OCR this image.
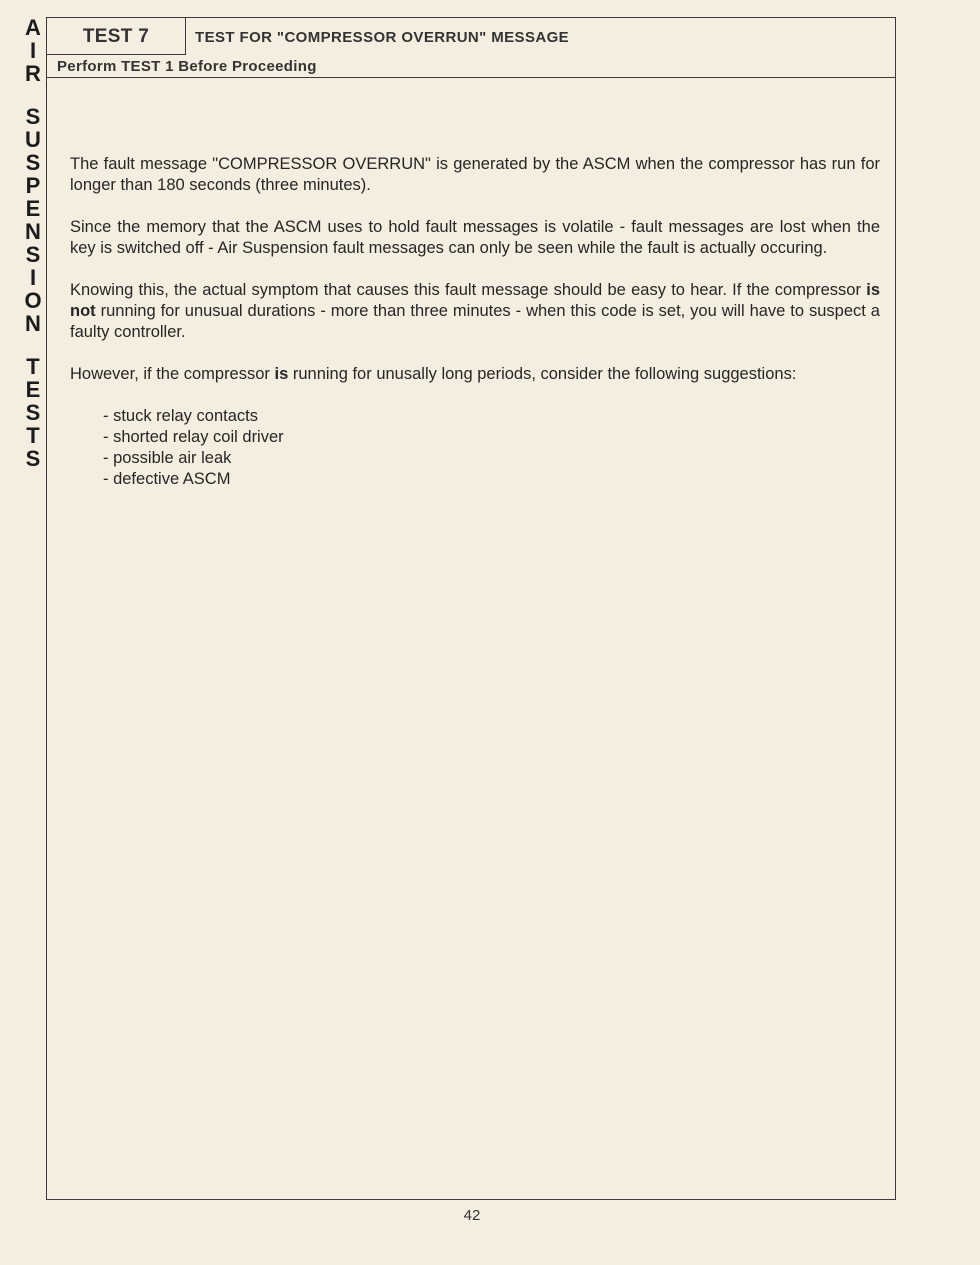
A
I
R
S
U
S
P
E
N
S
I
O
N
T
E
S
T
S
TEST 7	TEST FOR "COMPRESSOR OVERRUN" MESSAGE
Perform TEST 1 Before Proceeding

The fault message "COMPRESSOR OVERRUN" is generated by the ASCM when the compressor has run for longer than 180 seconds (three minutes).

Since the memory that the ASCM uses to hold fault messages is volatile - fault messages are lost when the key is switched off - Air Suspension fault messages can only be seen while the fault is actually occuring.

Knowing this, the actual symptom that causes this fault message should be easy to hear. If the compressor is not running for unusual durations - more than three minutes - when this code is set, you will have to suspect a faulty controller.

However, if the compressor is running for unusally long periods, consider the following suggestions:

- stuck relay contacts
- shorted relay coil driver
- possible air leak
- defective ASCM
42
